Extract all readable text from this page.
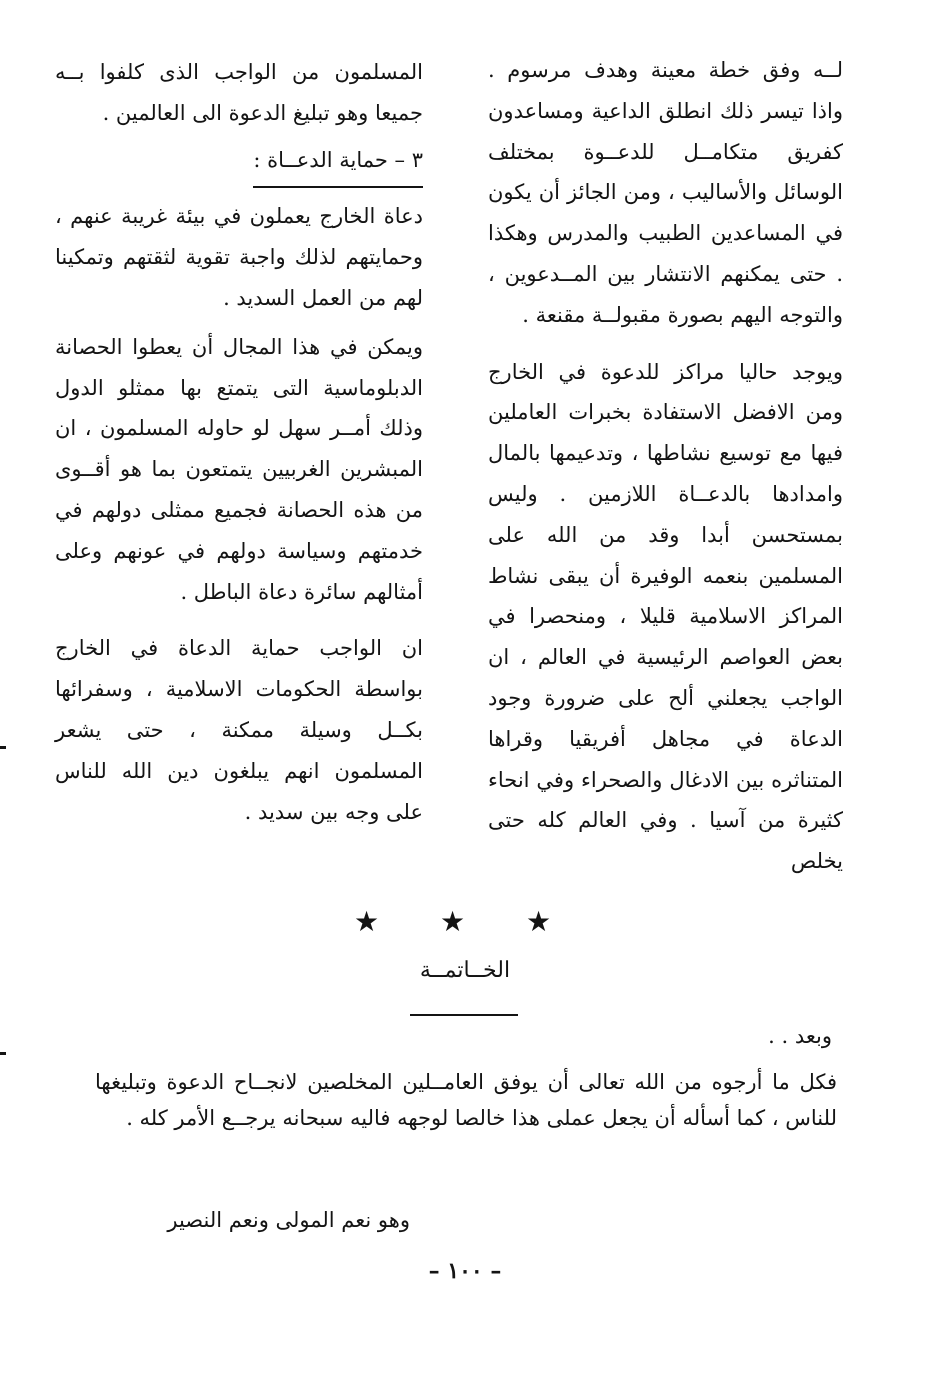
لــه وفق خطة معينة وهدف مرسوم . واذا تيسر ذلك انطلق الداعية ومساعدون كفريق متكامــل للدعــوة بمختلف الوسائل والأساليب ، ومن الجائز أن يكون في المساعدين الطبيب والمدرس وهكذا . حتى يمكنهم الانتشار بين المــدعوين ، والتوجه اليهم بصورة مقبولــة مقنعة .

ويوجد حاليا مراكز للدعوة في الخارج ومن الافضل الاستفادة بخبرات العاملين فيها مع توسيع نشاطها ، وتدعيمها بالمال وامدادها بالدعــاة اللازمين . وليس بمستحسن أبدا وقد من الله على المسلمين بنعمه الوفيرة أن يبقى نشاط المراكز الاسلامية قليلا ، ومنحصرا في بعض العواصم الرئيسية في العالم ، ان الواجب يجعلني ألح على ضرورة وجود الدعاة في مجاهل أفريقيا وقراها المتناثره بين الادغال والصحراء وفي انحاء كثيرة من آسيا . وفي العالم كله حتى يخلص

المسلمون من الواجب الذى كلفوا بــه جميعا وهو تبليغ الدعوة الى العالمين .

٣ – حماية الدعــاة :

دعاة الخارج يعملون في بيئة غريبة عنهم ، وحمايتهم لذلك واجبة تقوية لثقتهم وتمكينا لهم من العمل السديد .

ويمكن في هذا المجال أن يعطوا الحصانة الدبلوماسية التى يتمتع بها ممثلو الدول وذلك أمــر سهل لو حاوله المسلمون ، ان المبشرين الغربيين يتمتعون بما هو أقــوى من هذه الحصانة فجميع ممثلى دولهم في خدمتهم وسياسة دولهم في عونهم وعلى أمثالهم سائرة دعاة الباطل .

ان الواجب حماية الدعاة في الخارج بواسطة الحكومات الاسلامية ، وسفرائها بكــل وسيلة ممكنة ، حتى يشعر المسلمون انهم يبلغون دين الله للناس على وجه بين سديد .

★ ★ ★
الخــاتمــة
وبعد . .
فكل ما أرجوه من الله تعالى أن يوفق العامــلين المخلصين لانجــاح الدعوة وتبليغها للناس ، كما أسأله أن يجعل عملى هذا خالصا لوجهه فاليه سبحانه يرجــع الأمر كله .
وهو نعم المولى ونعم النصير
– ١٠٠ –
